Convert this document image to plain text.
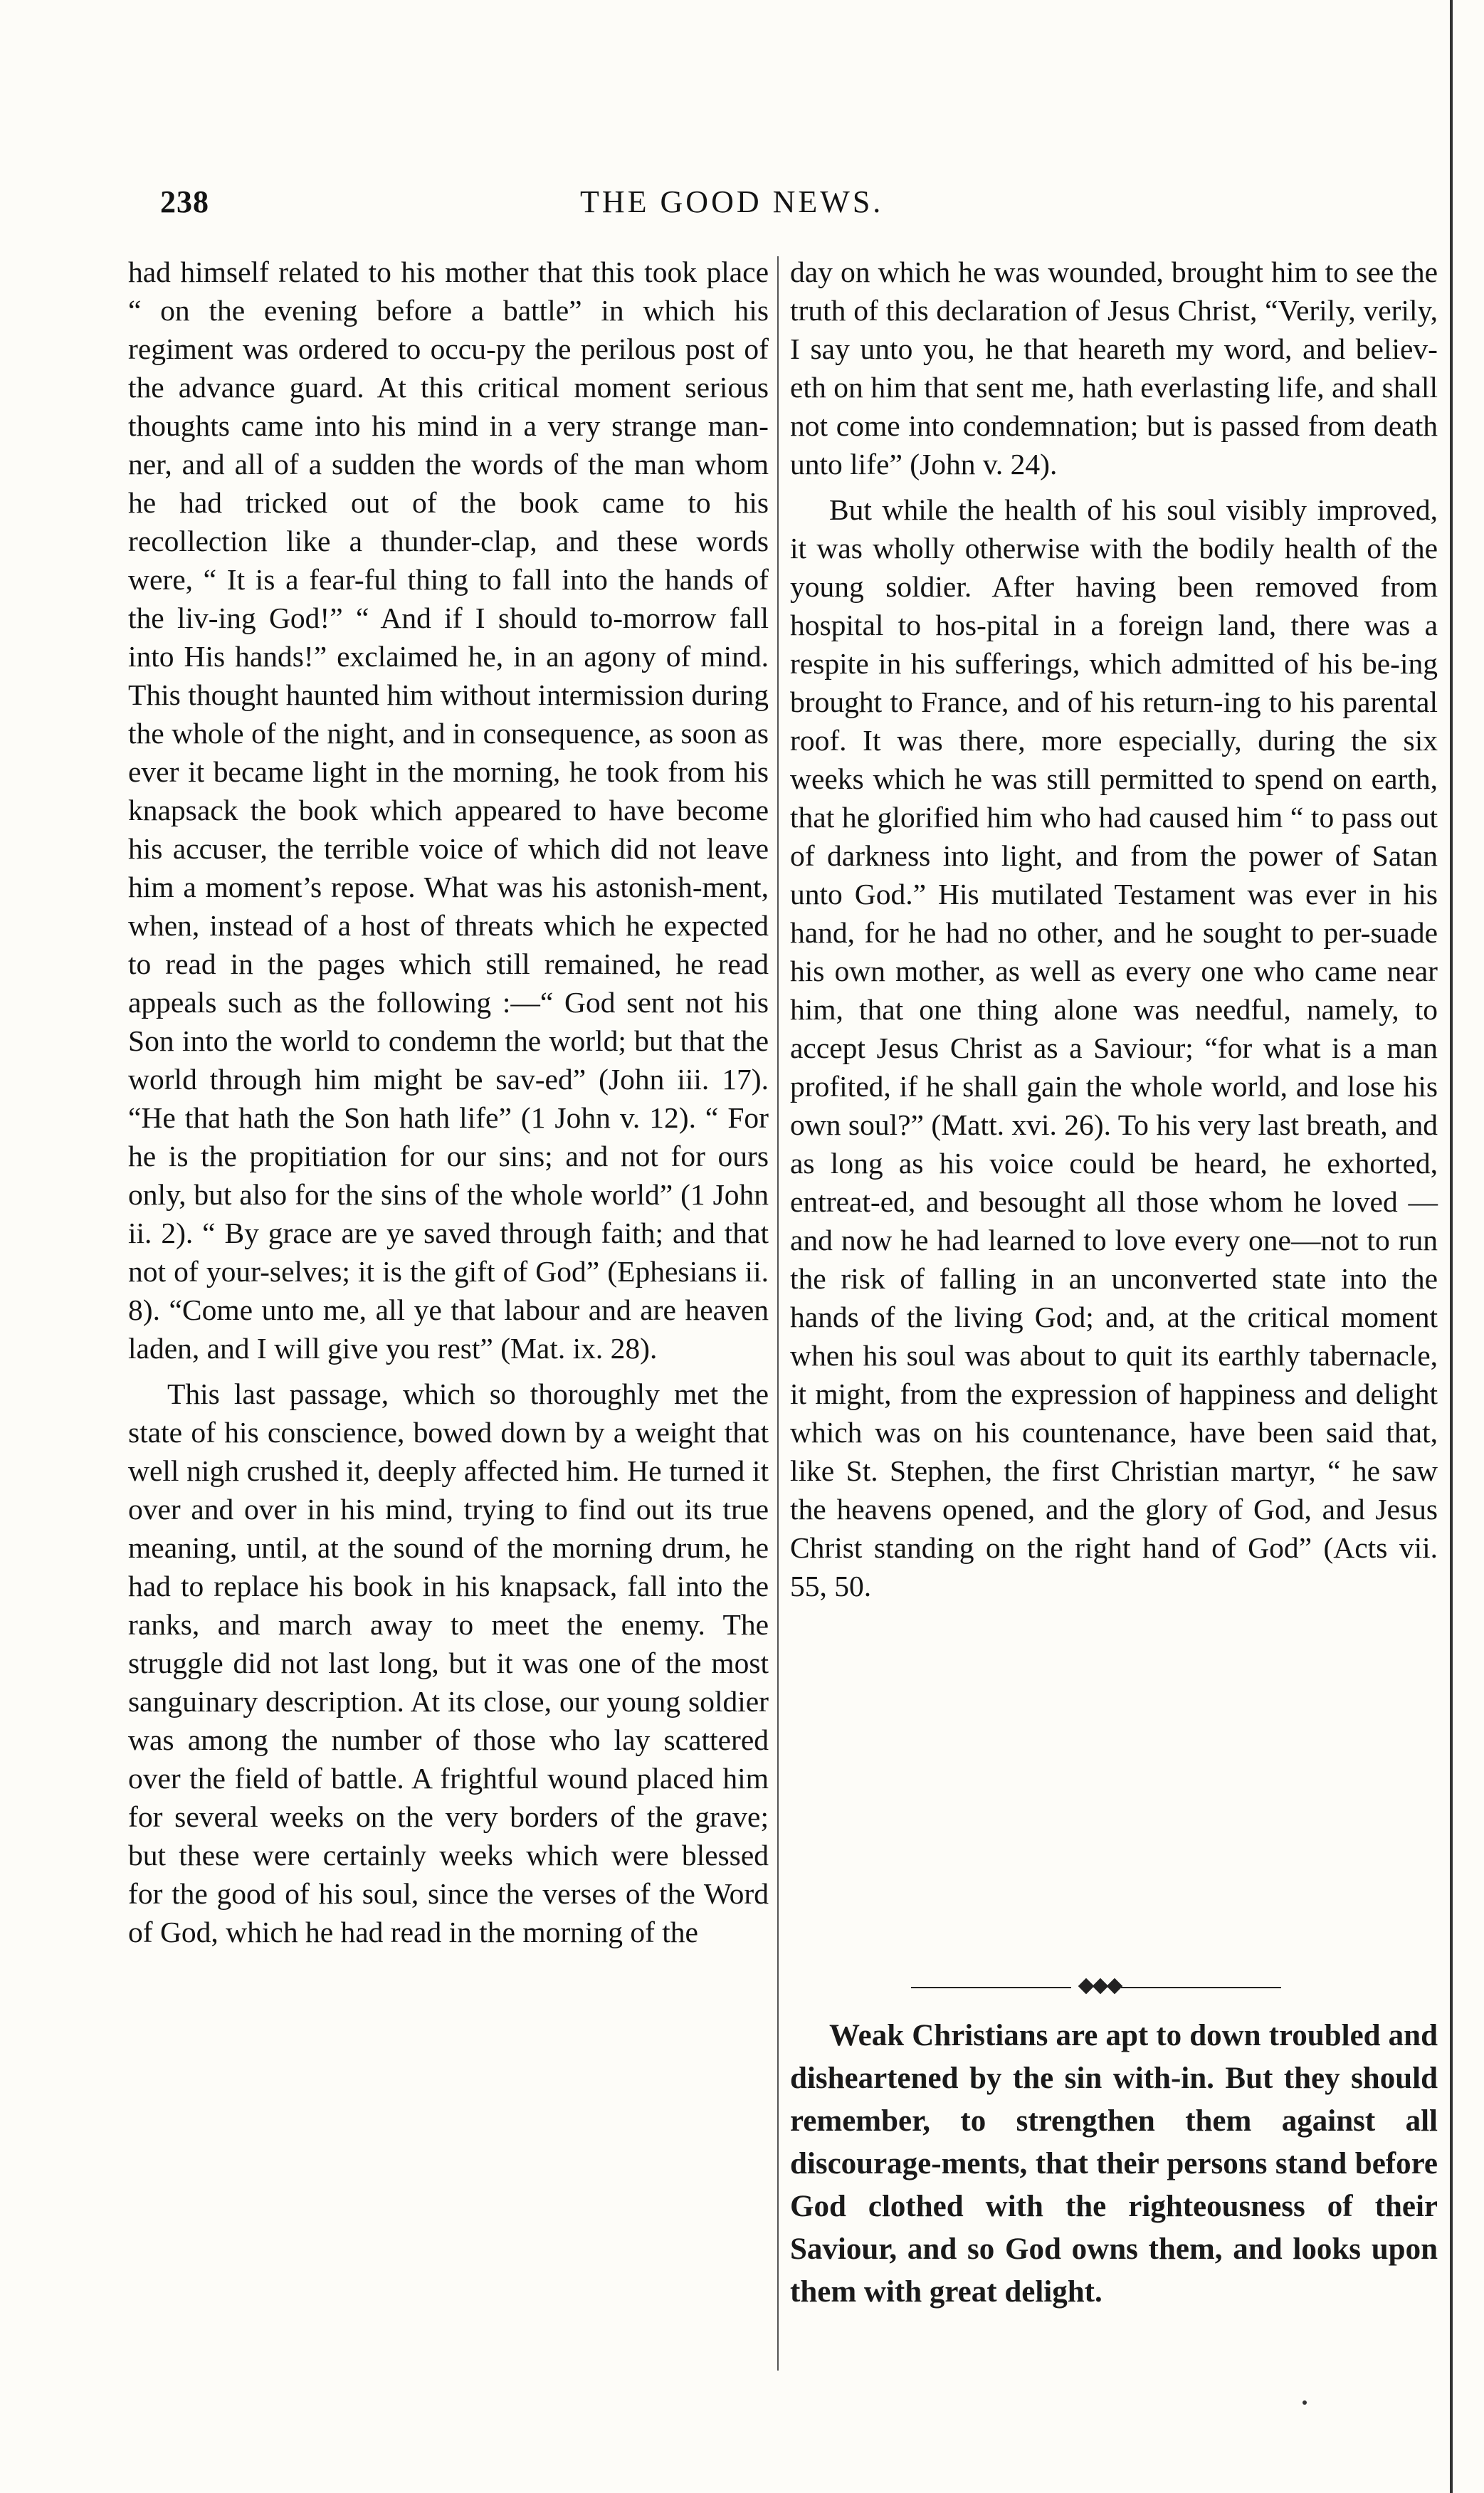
238	THE GOOD NEWS.

had himself related to his mother that this took place “ on the evening before a battle” in which his regiment was ordered to occu-py the perilous post of the advance guard. At this critical moment serious thoughts came into his mind in a very strange man-ner, and all of a sudden the words of the man whom he had tricked out of the book came to his recollection like a thunder-clap, and these words were, “ It is a fear-ful thing to fall into the hands of the liv-ing God!” “ And if I should to-morrow fall into His hands!” exclaimed he, in an agony of mind. This thought haunted him without intermission during the whole of the night, and in consequence, as soon as ever it became light in the morning, he took from his knapsack the book which appeared to have become his accuser, the terrible voice of which did not leave him a moment’s repose. What was his astonish-ment, when, instead of a host of threats which he expected to read in the pages which still remained, he read appeals such as the following :—“ God sent not his Son into the world to condemn the world; but that the world through him might be sav-ed” (John iii. 17). “He that hath the Son hath life” (1 John v. 12). “ For he is the propitiation for our sins; and not for ours only, but also for the sins of the whole world” (1 John ii. 2). “ By grace are ye saved through faith; and that not of your-selves; it is the gift of God” (Ephesians ii. 8). “Come unto me, all ye that labour and are heaven laden, and I will give you rest” (Mat. ix. 28).

This last passage, which so thoroughly met the state of his conscience, bowed down by a weight that well nigh crushed it, deeply affected him. He turned it over and over in his mind, trying to find out its true meaning, until, at the sound of the morning drum, he had to replace his book in his knapsack, fall into the ranks, and march away to meet the enemy. The struggle did not last long, but it was one of the most sanguinary description. At its close, our young soldier was among the number of those who lay scattered over the field of battle. A frightful wound placed him for several weeks on the very borders of the grave; but these were certainly weeks which were blessed for the good of his soul, since the verses of the Word of God, which he had read in the morning of the

day on which he was wounded, brought him to see the truth of this declaration of Jesus Christ, “Verily, verily, I say unto you, he that heareth my word, and believ-eth on him that sent me, hath everlasting life, and shall not come into condemnation; but is passed from death unto life” (John v. 24).

But while the health of his soul visibly improved, it was wholly otherwise with the bodily health of the young soldier. After having been removed from hospital to hos-pital in a foreign land, there was a respite in his sufferings, which admitted of his be-ing brought to France, and of his return-ing to his parental roof. It was there, more especially, during the six weeks which he was still permitted to spend on earth, that he glorified him who had caused him “ to pass out of darkness into light, and from the power of Satan unto God.” His mutilated Testament was ever in his hand, for he had no other, and he sought to per-suade his own mother, as well as every one who came near him, that one thing alone was needful, namely, to accept Jesus Christ as a Saviour; “for what is a man profited, if he shall gain the whole world, and lose his own soul?” (Matt. xvi. 26). To his very last breath, and as long as his voice could be heard, he exhorted, entreat-ed, and besought all those whom he loved —and now he had learned to love every one—not to run the risk of falling in an unconverted state into the hands of the living God; and, at the critical moment when his soul was about to quit its earthly tabernacle, it might, from the expression of happiness and delight which was on his countenance, have been said that, like St. Stephen, the first Christian martyr, “ he saw the heavens opened, and the glory of God, and Jesus Christ standing on the right hand of God” (Acts vii. 55, 50.

Weak Christians are apt to down troubled and disheartened by the sin with-in. But they should remember, to strengthen them against all discourage-ments, that their persons stand before God clothed with the righteousness of their Saviour, and so God owns them, and looks upon them with great delight.
